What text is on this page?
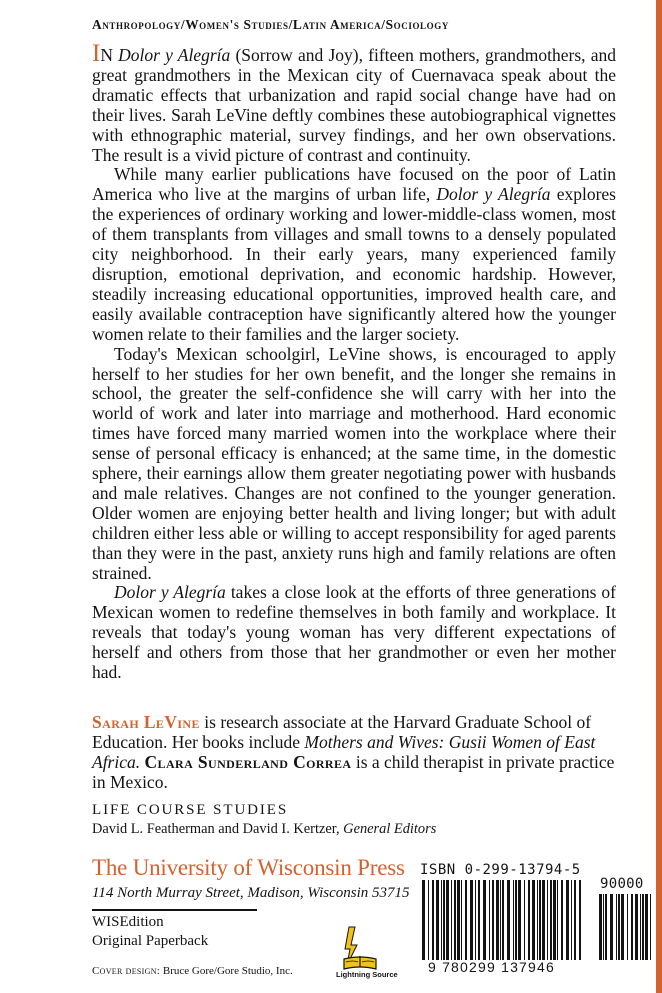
Anthropology/Women's Studies/Latin America/Sociology

IN Dolor y Alegría (Sorrow and Joy), fifteen mothers, grandmothers, and great grandmothers in the Mexican city of Cuernavaca speak about the dramatic effects that urbanization and rapid social change have had on their lives. Sarah LeVine deftly combines these autobiographical vignettes with ethnographic material, survey findings, and her own observations. The result is a vivid picture of contrast and continuity.

While many earlier publications have focused on the poor of Latin America who live at the margins of urban life, Dolor y Alegría explores the experiences of ordinary working and lower-middle-class women, most of them transplants from villages and small towns to a densely populated city neighborhood. In their early years, many experienced family disruption, emotional deprivation, and economic hardship. However, steadily increasing educational opportunities, improved health care, and easily available contraception have significantly altered how the younger women relate to their families and the larger society.

Today's Mexican schoolgirl, LeVine shows, is encouraged to apply herself to her studies for her own benefit, and the longer she remains in school, the greater the self-confidence she will carry with her into the world of work and later into marriage and motherhood. Hard economic times have forced many married women into the workplace where their sense of personal efficacy is enhanced; at the same time, in the domestic sphere, their earnings allow them greater negotiating power with husbands and male relatives. Changes are not confined to the younger generation. Older women are enjoying better health and living longer; but with adult children either less able or willing to accept responsibility for aged parents than they were in the past, anxiety runs high and family relations are often strained.

Dolor y Alegría takes a close look at the efforts of three generations of Mexican women to redefine themselves in both family and workplace. It reveals that today's young woman has very different expectations of herself and others from those that her grandmother or even her mother had.

Sarah LeVine is research associate at the Harvard Graduate School of Education. Her books include Mothers and Wives: Gusii Women of East Africa. Clara Sunderland Correa is a child therapist in private practice in Mexico.

LIFE COURSE STUDIES
David L. Featherman and David I. Kertzer, General Editors
The University of Wisconsin Press
114 North Murray Street, Madison, Wisconsin 53715
WISEdition
Original Paperback
Cover design: Bruce Gore/Gore Studio, Inc.	Lightning Source
ISBN 0-299-13794-5
90000
9 780299 137946
